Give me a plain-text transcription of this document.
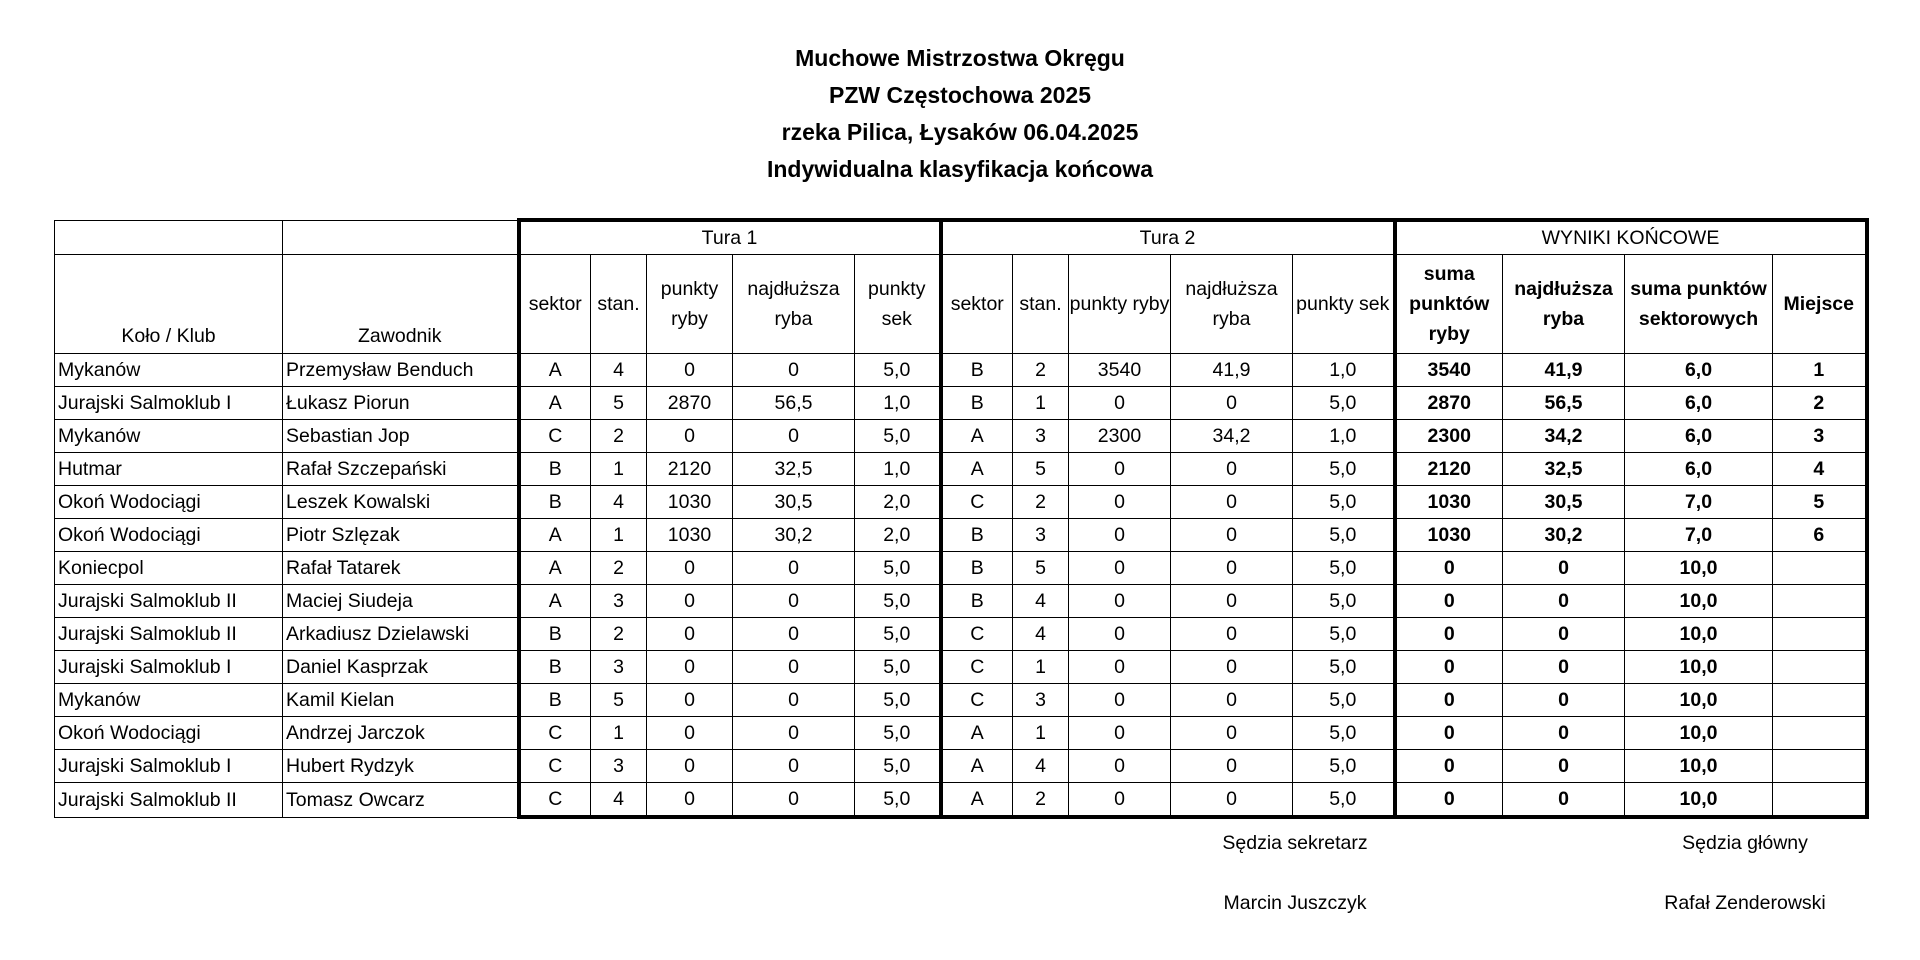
Muchowe Mistrzostwa Okręgu
PZW Częstochowa 2025
rzeka Pilica, Łysaków 06.04.2025
Indywidualna klasyfikacja końcowa
		Tura 1					Tura 2					WYNIKI KOŃCOWE			
Koło / Klub	Zawodnik	sektor	stan.	punkty ryby	najdłuższa ryba	punkty sek	sektor	stan.	punkty ryby	najdłuższa ryba	punkty sek	suma punktów ryby	najdłuższa ryba	suma punktów sektorowych	Miejsce
Mykanów	Przemysław Benduch	A	4	0	0	5,0	B	2	3540	41,9	1,0	3540	41,9	6,0	1
Jurajski Salmoklub I	Łukasz Piorun	A	5	2870	56,5	1,0	B	1	0	0	5,0	2870	56,5	6,0	2
Mykanów	Sebastian Jop	C	2	0	0	5,0	A	3	2300	34,2	1,0	2300	34,2	6,0	3
Hutmar	Rafał Szczepański	B	1	2120	32,5	1,0	A	5	0	0	5,0	2120	32,5	6,0	4
Okoń Wodociągi	Leszek Kowalski	B	4	1030	30,5	2,0	C	2	0	0	5,0	1030	30,5	7,0	5
Okoń Wodociągi	Piotr Szlęzak	A	1	1030	30,2	2,0	B	3	0	0	5,0	1030	30,2	7,0	6
Koniecpol	Rafał Tatarek	A	2	0	0	5,0	B	5	0	0	5,0	0	0	10,0	
Jurajski Salmoklub II	Maciej Siudeja	A	3	0	0	5,0	B	4	0	0	5,0	0	0	10,0	
Jurajski Salmoklub II	Arkadiusz Dzielawski	B	2	0	0	5,0	C	4	0	0	5,0	0	0	10,0	
Jurajski Salmoklub I	Daniel Kasprzak	B	3	0	0	5,0	C	1	0	0	5,0	0	0	10,0	
Mykanów	Kamil Kielan	B	5	0	0	5,0	C	3	0	0	5,0	0	0	10,0	
Okoń Wodociągi	Andrzej Jarczok	C	1	0	0	5,0	A	1	0	0	5,0	0	0	10,0	
Jurajski Salmoklub I	Hubert Rydzyk	C	3	0	0	5,0	A	4	0	0	5,0	0	0	10,0	
Jurajski Salmoklub II	Tomasz Owcarz	C	4	0	0	5,0	A	2	0	0	5,0	0	0	10,0	
Sędzia sekretarz
Marcin Juszczyk
Sędzia główny
Rafał Zenderowski
